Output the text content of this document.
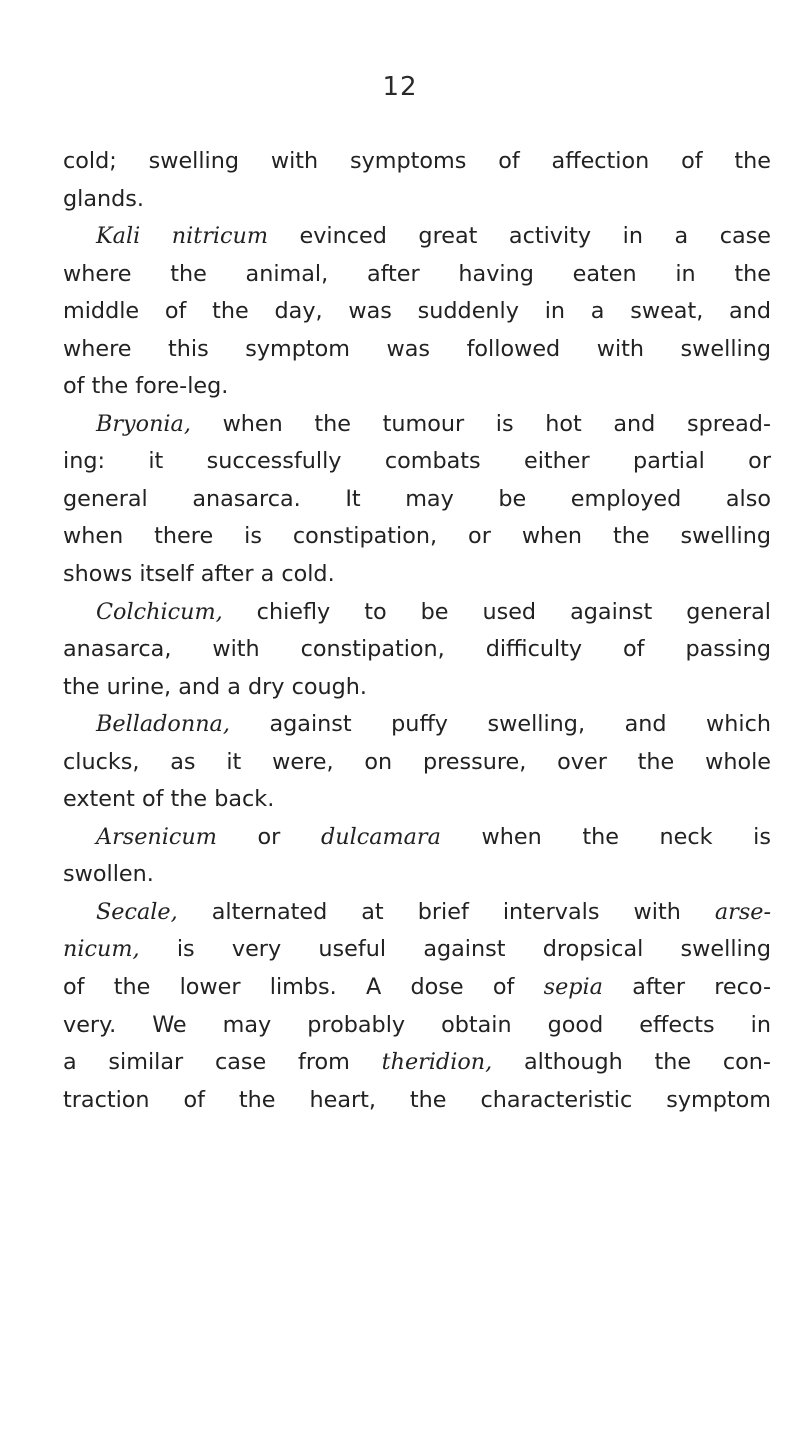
12
cold; swelling with symptoms of affection of the
glands.
Kali nitricum evinced great activity in a case
where the animal, after having eaten in the
middle of the day, was suddenly in a sweat, and
where this symptom was followed with swelling
of the fore-leg.
Bryonia, when the tumour is hot and spread-
ing: it successfully combats either partial or
general anasarca. It may be employed also
when there is constipation, or when the swelling
shows itself after a cold.
Colchicum, chiefly to be used against general
anasarca, with constipation, difficulty of passing
the urine, and a dry cough.
Belladonna, against puffy swelling, and which
clucks, as it were, on pressure, over the whole
extent of the back.
Arsenicum or dulcamara when the neck is
swollen.
Secale, alternated at brief intervals with arse-
nicum, is very useful against dropsical swelling
of the lower limbs. A dose of sepia after reco-
very. We may probably obtain good effects in
a similar case from theridion, although the con-
traction of the heart, the characteristic symptom
